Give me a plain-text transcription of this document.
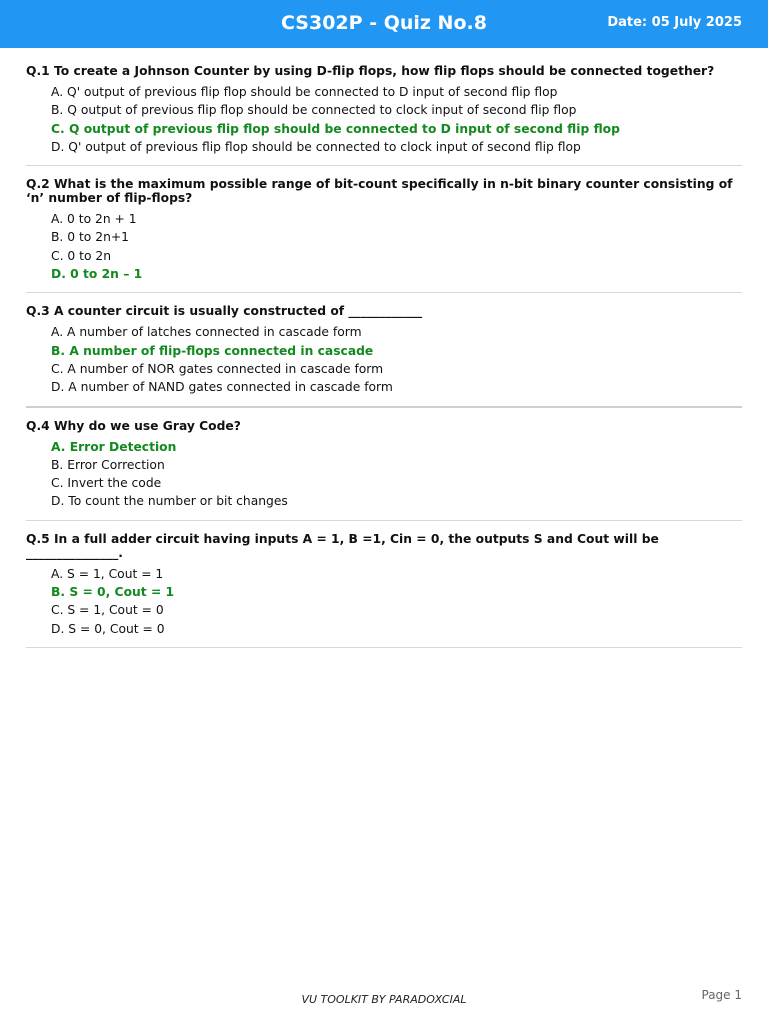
CS302P - Quiz No.8	Date: 05 July 2025

Q.1 To create a Johnson Counter by using D-flip flops, how flip flops should be connected together?

A. Q' output of previous flip flop should be connected to D input of second flip flop
B. Q output of previous flip flop should be connected to clock input of second flip flop
C. Q output of previous flip flop should be connected to D input of second flip flop
D. Q' output of previous flip flop should be connected to clock input of second flip flop

Q.2 What is the maximum possible range of bit-count specifically in n-bit binary counter consisting of ‘n’ number of flip-flops?

A. 0 to 2n + 1
B. 0 to 2n+1
C. 0 to 2n
D. 0 to 2n – 1

Q.3 A counter circuit is usually constructed of ____________

A. A number of latches connected in cascade form
B. A number of flip-flops connected in cascade
C. A number of NOR gates connected in cascade form
D. A number of NAND gates connected in cascade form

Q.4 Why do we use Gray Code?

A. Error Detection
B. Error Correction
C. Invert the code
D. To count the number or bit changes

Q.5 In a full adder circuit having inputs A = 1, B =1, Cin = 0, the outputs S and Cout will be _______________.

A. S = 1, Cout = 1
B. S = 0, Cout = 1
C. S = 1, Cout = 0
D. S = 0, Cout = 0
VU TOOLKIT BY PARADOXCIAL	Page 1
